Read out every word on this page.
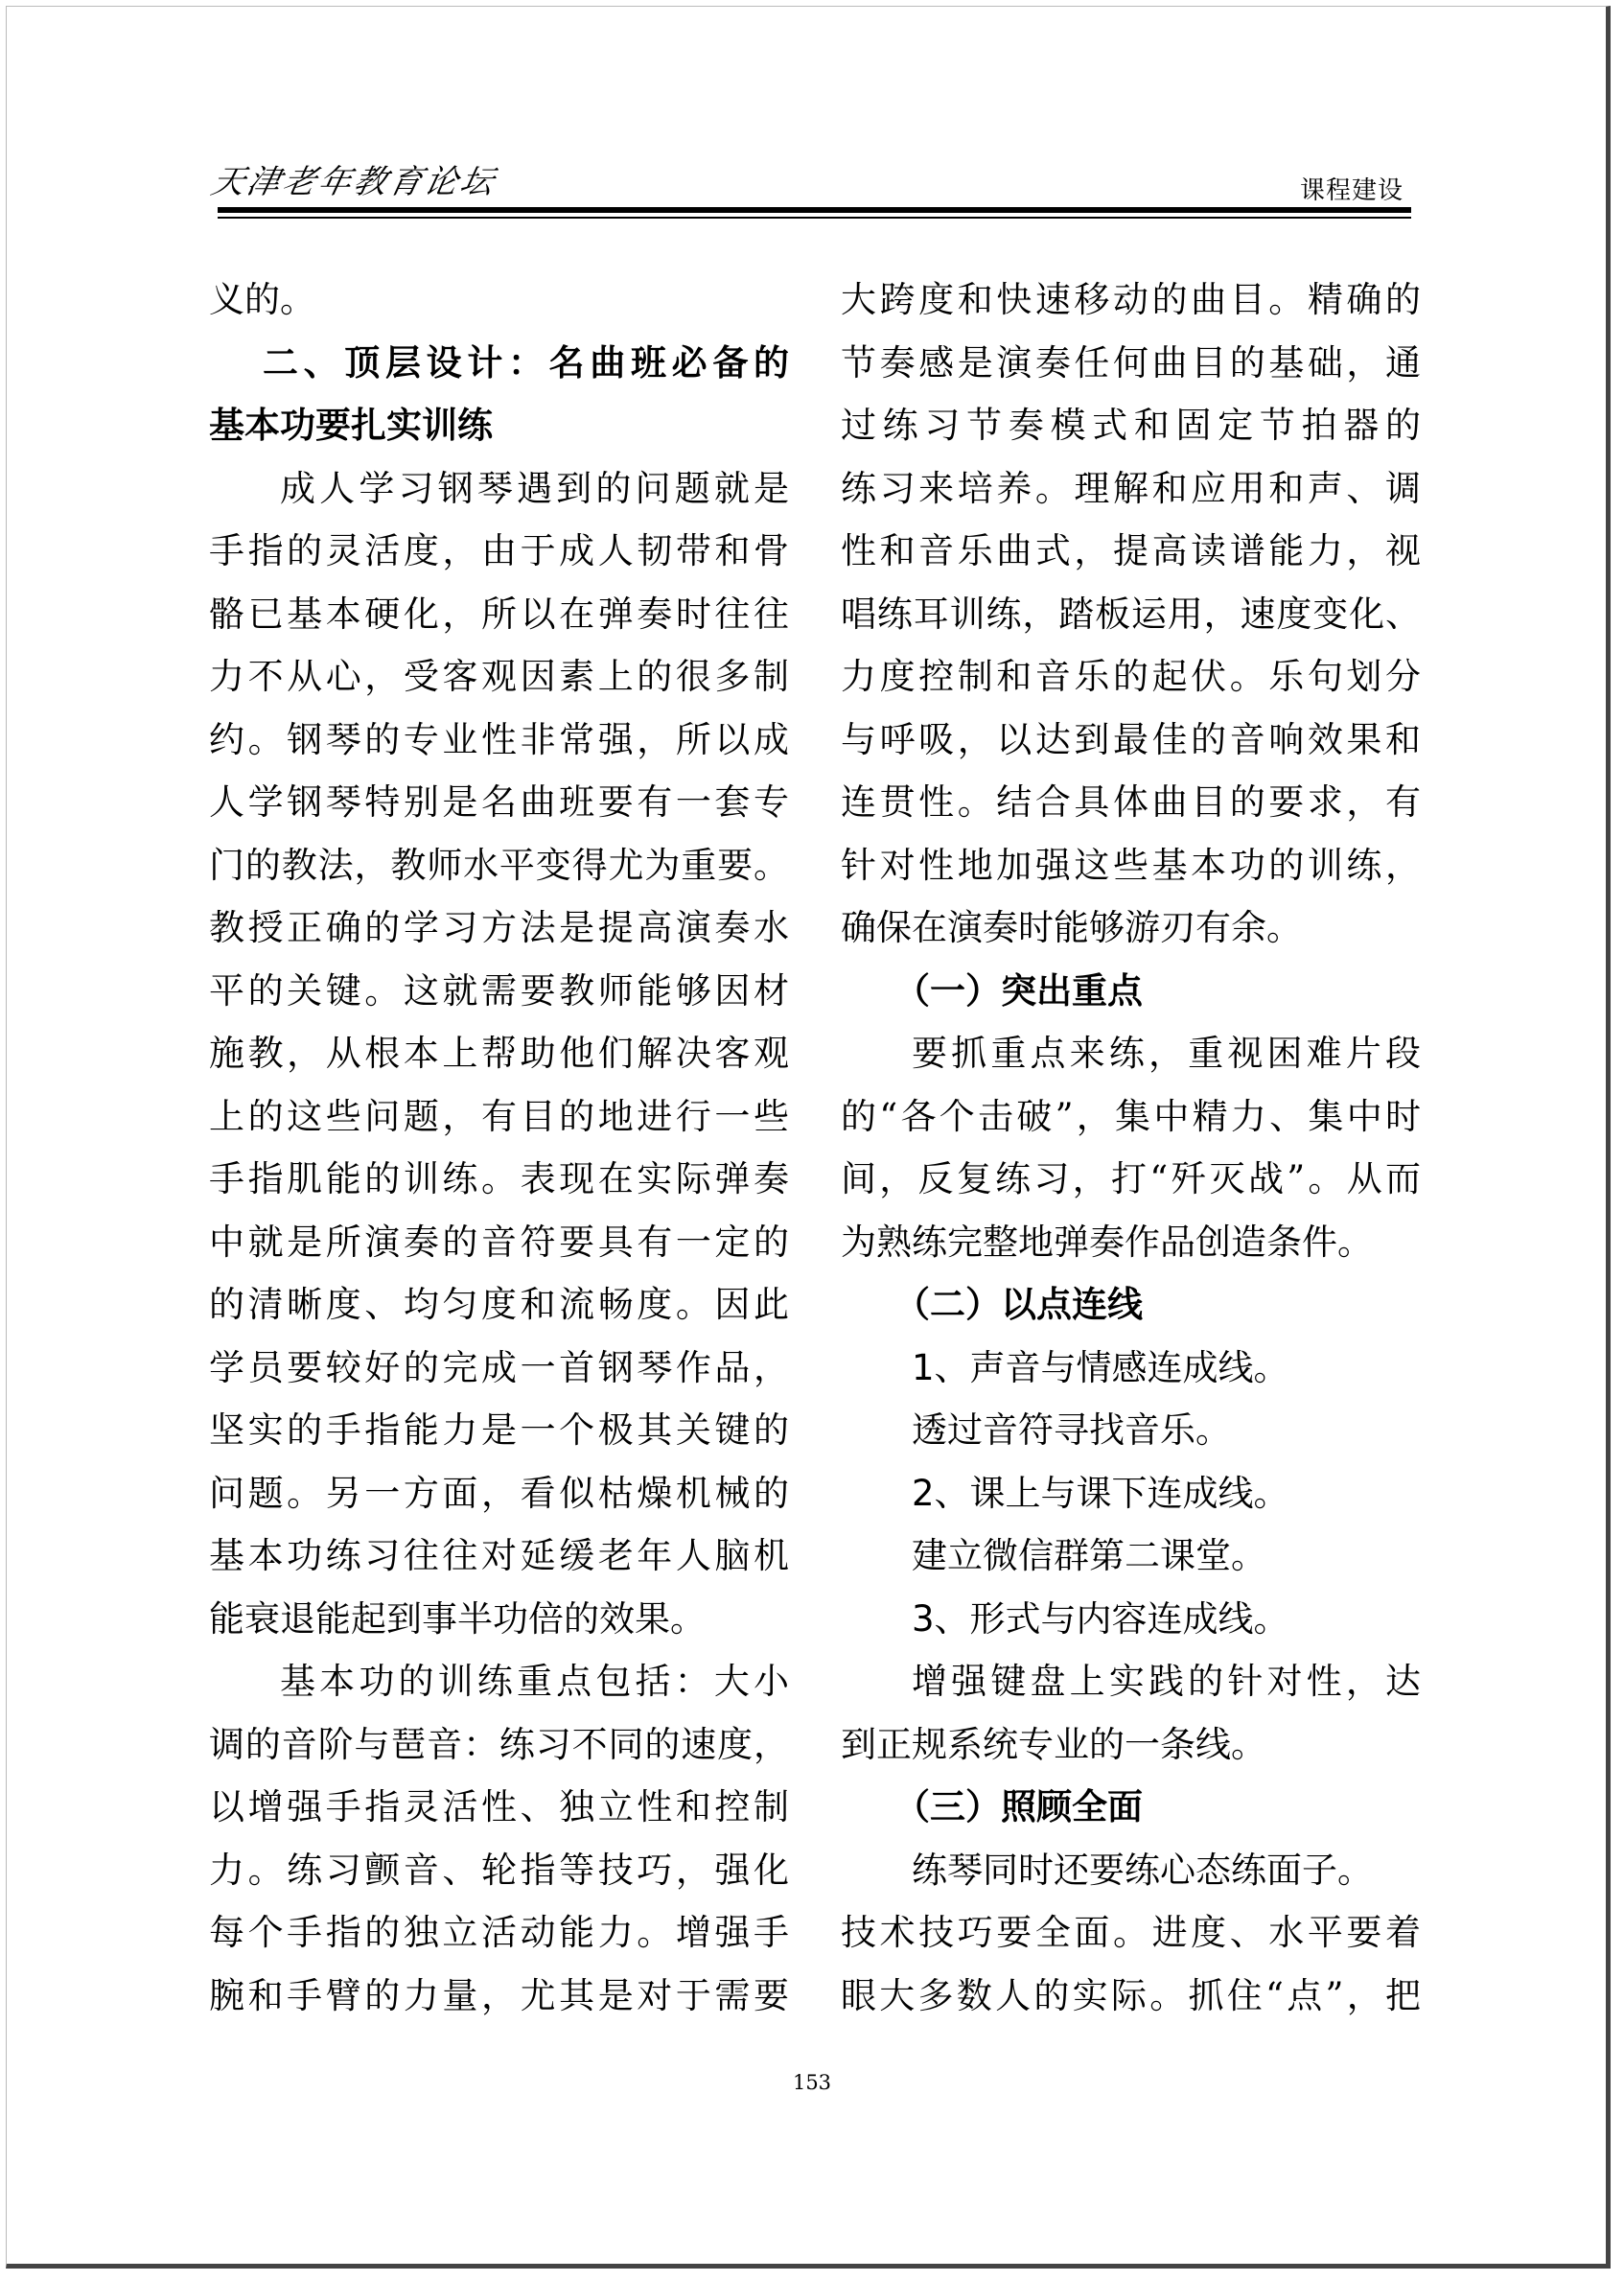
天津老年教育论坛	课程建设
义的。
二、顶层设计：名曲班必备的
基本功要扎实训练
成人学习钢琴遇到的问题就是
手指的灵活度，由于成人韧带和骨
骼已基本硬化，所以在弹奏时往往
力不从心，受客观因素上的很多制
约。钢琴的专业性非常强，所以成
人学钢琴特别是名曲班要有一套专
门的教法，教师水平变得尤为重要。
教授正确的学习方法是提高演奏水
平的关键。这就需要教师能够因材
施教，从根本上帮助他们解决客观
上的这些问题，有目的地进行一些
手指肌能的训练。表现在实际弹奏
中就是所演奏的音符要具有一定的
的清晰度、均匀度和流畅度。因此
学员要较好的完成一首钢琴作品，
坚实的手指能力是一个极其关键的
问题。另一方面，看似枯燥机械的
基本功练习往往对延缓老年人脑机
能衰退能起到事半功倍的效果。
基本功的训练重点包括：大小
调的音阶与琶音：练习不同的速度，
以增强手指灵活性、独立性和控制
力。练习颤音、轮指等技巧，强化
每个手指的独立活动能力。增强手
腕和手臂的力量，尤其是对于需要
大跨度和快速移动的曲目。精确的
节奏感是演奏任何曲目的基础，通
过练习节奏模式和固定节拍器的
练习来培养。理解和应用和声、调
性和音乐曲式，提高读谱能力，视
唱练耳训练，踏板运用，速度变化、
力度控制和音乐的起伏。乐句划分
与呼吸，以达到最佳的音响效果和
连贯性。结合具体曲目的要求，有
针对性地加强这些基本功的训练，
确保在演奏时能够游刃有余。
（一）突出重点
要抓重点来练，重视困难片段
的“各个击破”，集中精力、集中时
间，反复练习，打“歼灭战”。从而
为熟练完整地弹奏作品创造条件。
（二）以点连线
1、声音与情感连成线。
透过音符寻找音乐。
2、课上与课下连成线。
建立微信群第二课堂。
3、形式与内容连成线。
增强键盘上实践的针对性，达
到正规系统专业的一条线。
（三）照顾全面
练琴同时还要练心态练面子。
技术技巧要全面。进度、水平要着
眼大多数人的实际。抓住“点”，把
153
